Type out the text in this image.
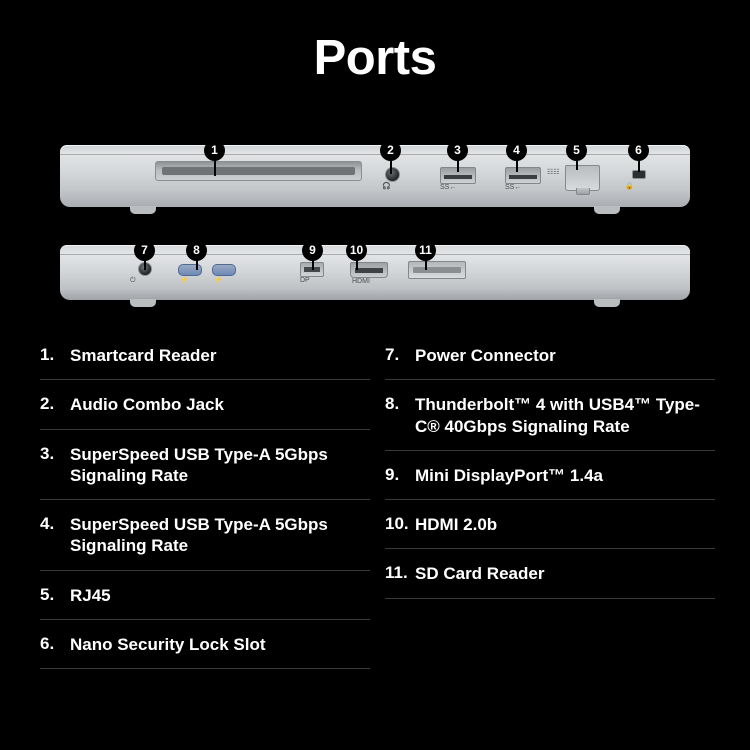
Ports
🎧	SS←	SS←
☷☷
🔒
⏻	⚡	⚡	DP	HDMI
1	2	3	4	5	6
7	8	9	10	11
1. Smartcard Reader
2. Audio Combo Jack
3. SuperSpeed USB Type-A 5Gbps Signaling Rate
4. SuperSpeed USB Type-A 5Gbps Signaling Rate
5. RJ45
6. Nano Security Lock Slot
7. Power Connector
8. Thunderbolt™ 4 with USB4™ Type-C® 40Gbps Signaling Rate
9. Mini DisplayPort™ 1.4a
10. HDMI 2.0b
11. SD Card Reader
